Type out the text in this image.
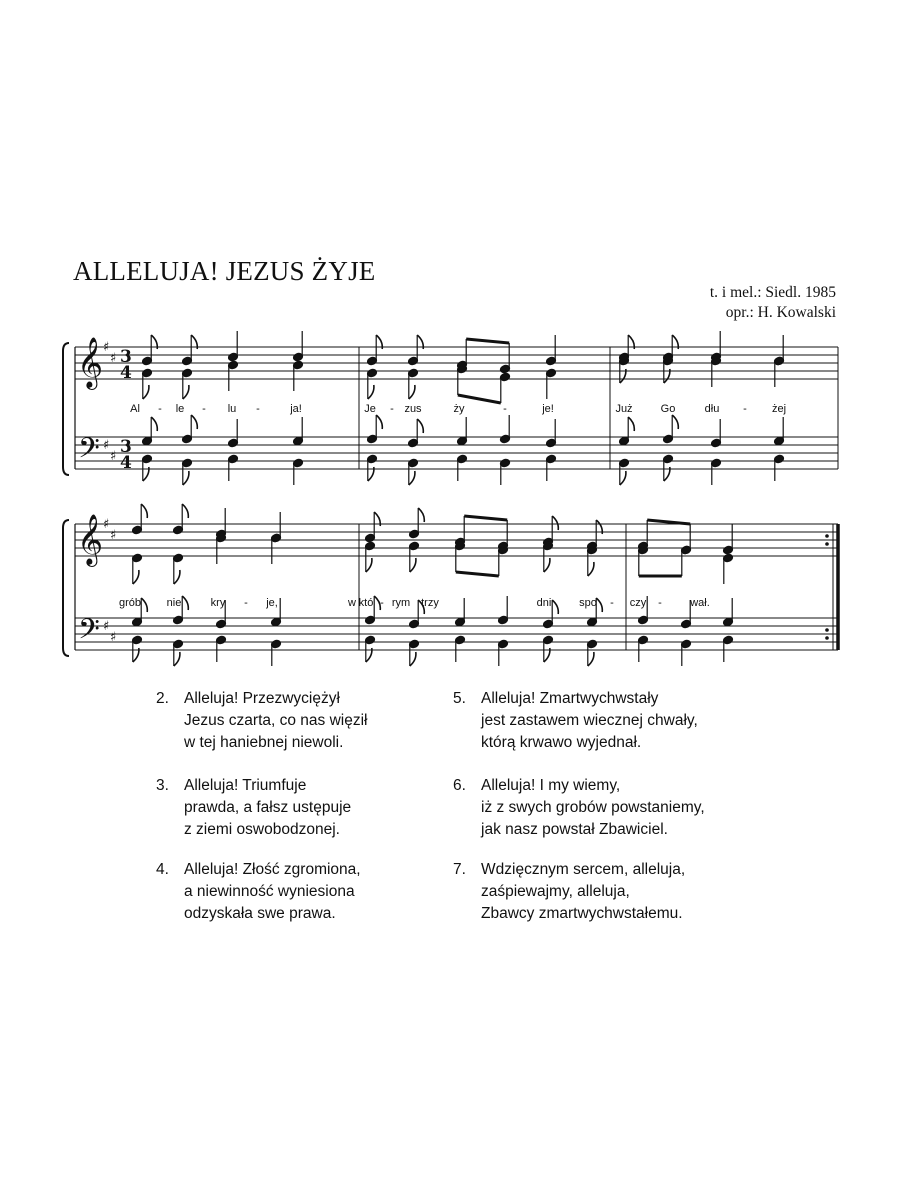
ALLELUJA! JEZUS ŻYJE
t. i mel.: Siedl. 1985
opr.: H. Kowalski
𝄞
𝄢
♯
♯
♯
♯
3
4
3
4
Al - le - lu -	ja!	Je - zus	ży	-	je!	Już	Go	dłu - żej
𝄞
𝄢
♯
♯
♯
♯
grób nie	kry - je,	w któ - rym trzy	dni	spo - czy -	wał.
2. Alleluja! Przezwyciężył
Jezus czarta, co nas więził
w tej haniebnej niewoli.
3. Alleluja! Triumfuje
prawda, a fałsz ustępuje
z ziemi oswobodzonej.
4. Alleluja! Złość zgromiona,
a niewinność wyniesiona
odzyskała swe prawa.
5. Alleluja! Zmartwychwstały
jest zastawem wiecznej chwały,
którą krwawo wyjednał.
6. Alleluja! I my wiemy,
iż z swych grobów powstaniemy,
jak nasz powstał Zbawiciel.
7. Wdzięcznym sercem, alleluja,
zaśpiewajmy, alleluja,
Zbawcy zmartwychwstałemu.
